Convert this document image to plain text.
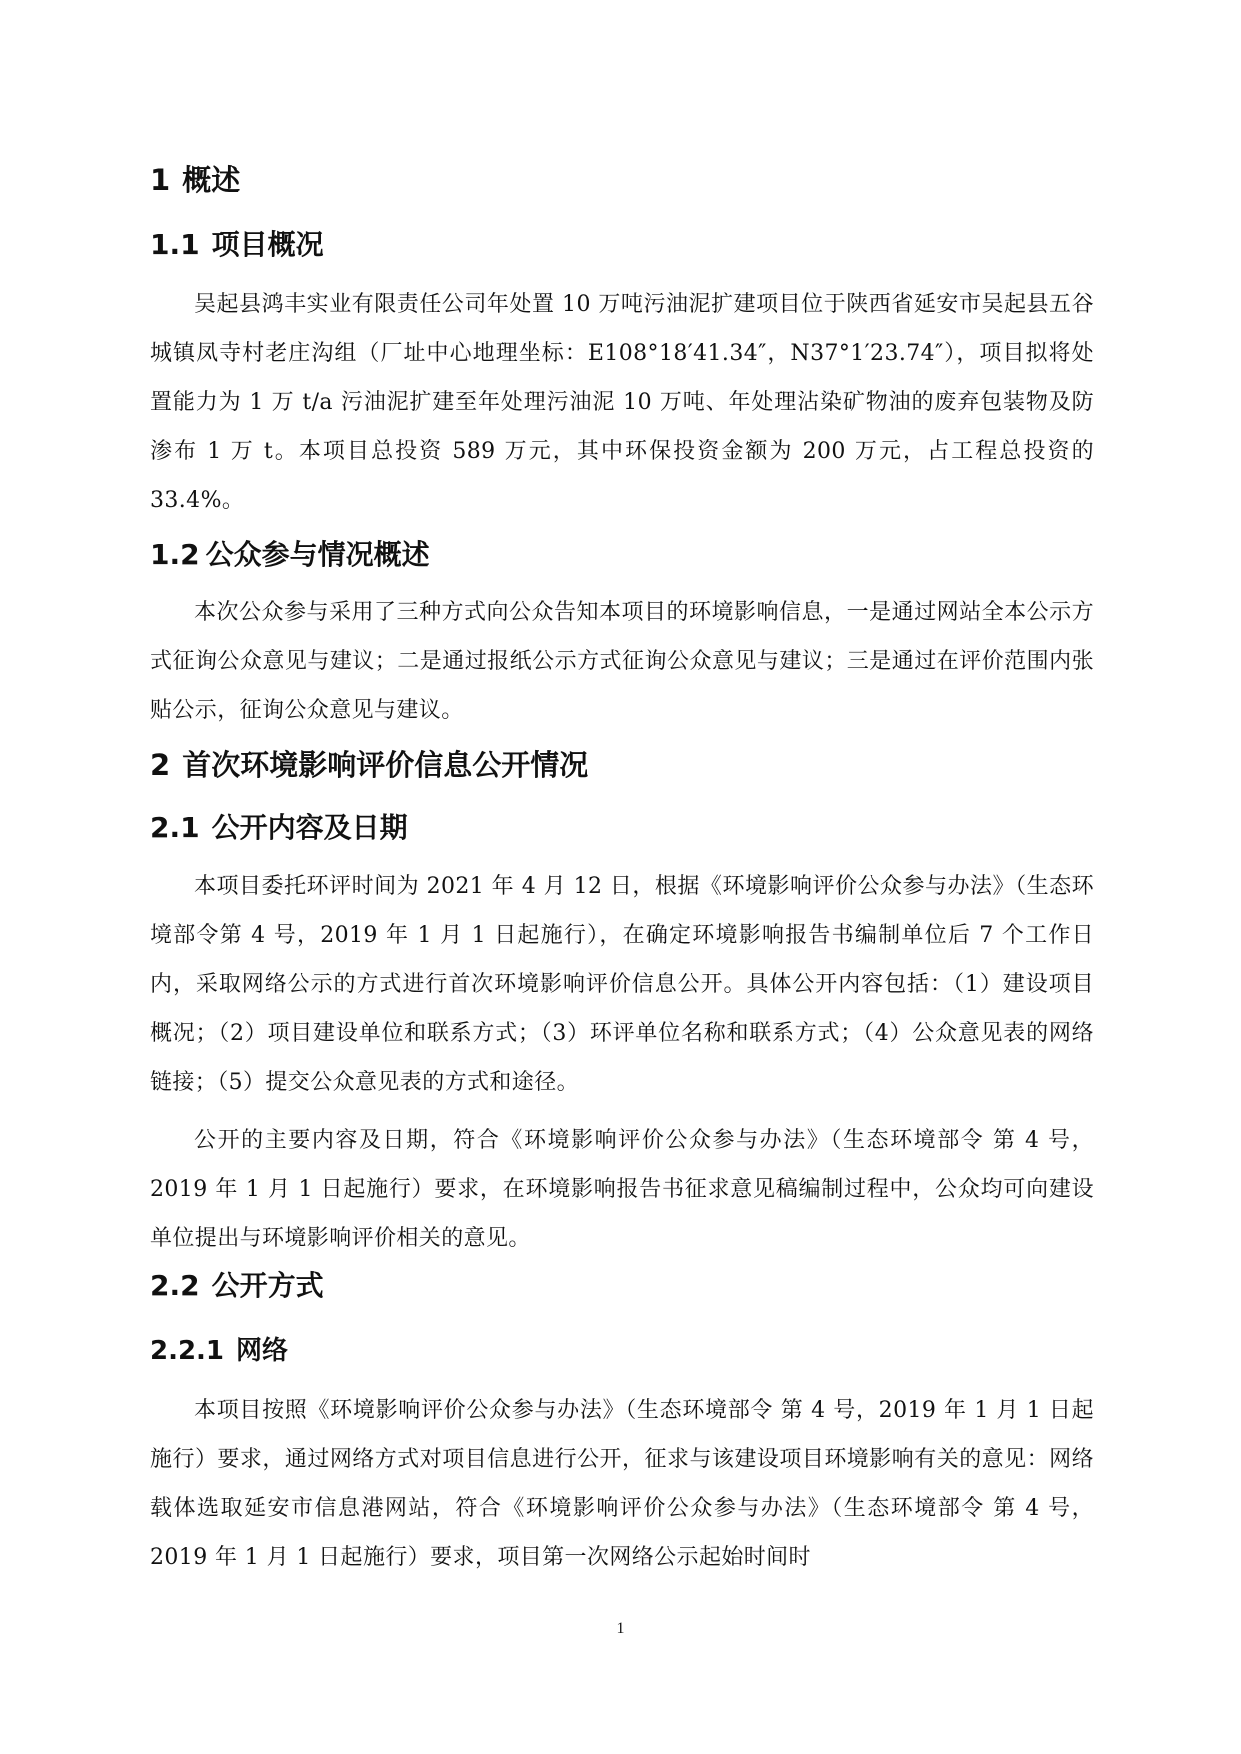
1 概述
1.1 项目概况

吴起县鸿丰实业有限责任公司年处置 10 万吨污油泥扩建项目位于陕西省延安市吴起县五谷城镇凤寺村老庄沟组（厂址中心地理坐标：E108°18′41.34″，N37°1′23.74″），项目拟将处置能力为 1 万 t/a 污油泥扩建至年处理污油泥 10 万吨、年处理沾染矿物油的废弃包装物及防渗布 1 万 t。本项目总投资 589 万元，其中环保投资金额为 200 万元，占工程总投资的 33.4%。

1.2 公众参与情况概述

本次公众参与采用了三种方式向公众告知本项目的环境影响信息，一是通过网站全本公示方式征询公众意见与建议；二是通过报纸公示方式征询公众意见与建议；三是通过在评价范围内张贴公示，征询公众意见与建议。

2 首次环境影响评价信息公开情况
2.1 公开内容及日期

本项目委托环评时间为 2021 年 4 月 12 日，根据《环境影响评价公众参与办法》（生态环境部令第 4 号，2019 年 1 月 1 日起施行），在确定环境影响报告书编制单位后 7 个工作日内，采取网络公示的方式进行首次环境影响评价信息公开。具体公开内容包括：（1）建设项目概况；（2）项目建设单位和联系方式；（3）环评单位名称和联系方式；（4）公众意见表的网络链接；（5）提交公众意见表的方式和途径。

公开的主要内容及日期，符合《环境影响评价公众参与办法》（生态环境部令 第 4 号，2019 年 1 月 1 日起施行）要求，在环境影响报告书征求意见稿编制过程中，公众均可向建设单位提出与环境影响评价相关的意见。

2.2 公开方式
2.2.1 网络

本项目按照《环境影响评价公众参与办法》（生态环境部令 第 4 号，2019 年 1 月 1 日起施行）要求，通过网络方式对项目信息进行公开，征求与该建设项目环境影响有关的意见：网络载体选取延安市信息港网站，符合《环境影响评价公众参与办法》（生态环境部令 第 4 号，2019 年 1 月 1 日起施行）要求，项目第一次网络公示起始时间时

1
